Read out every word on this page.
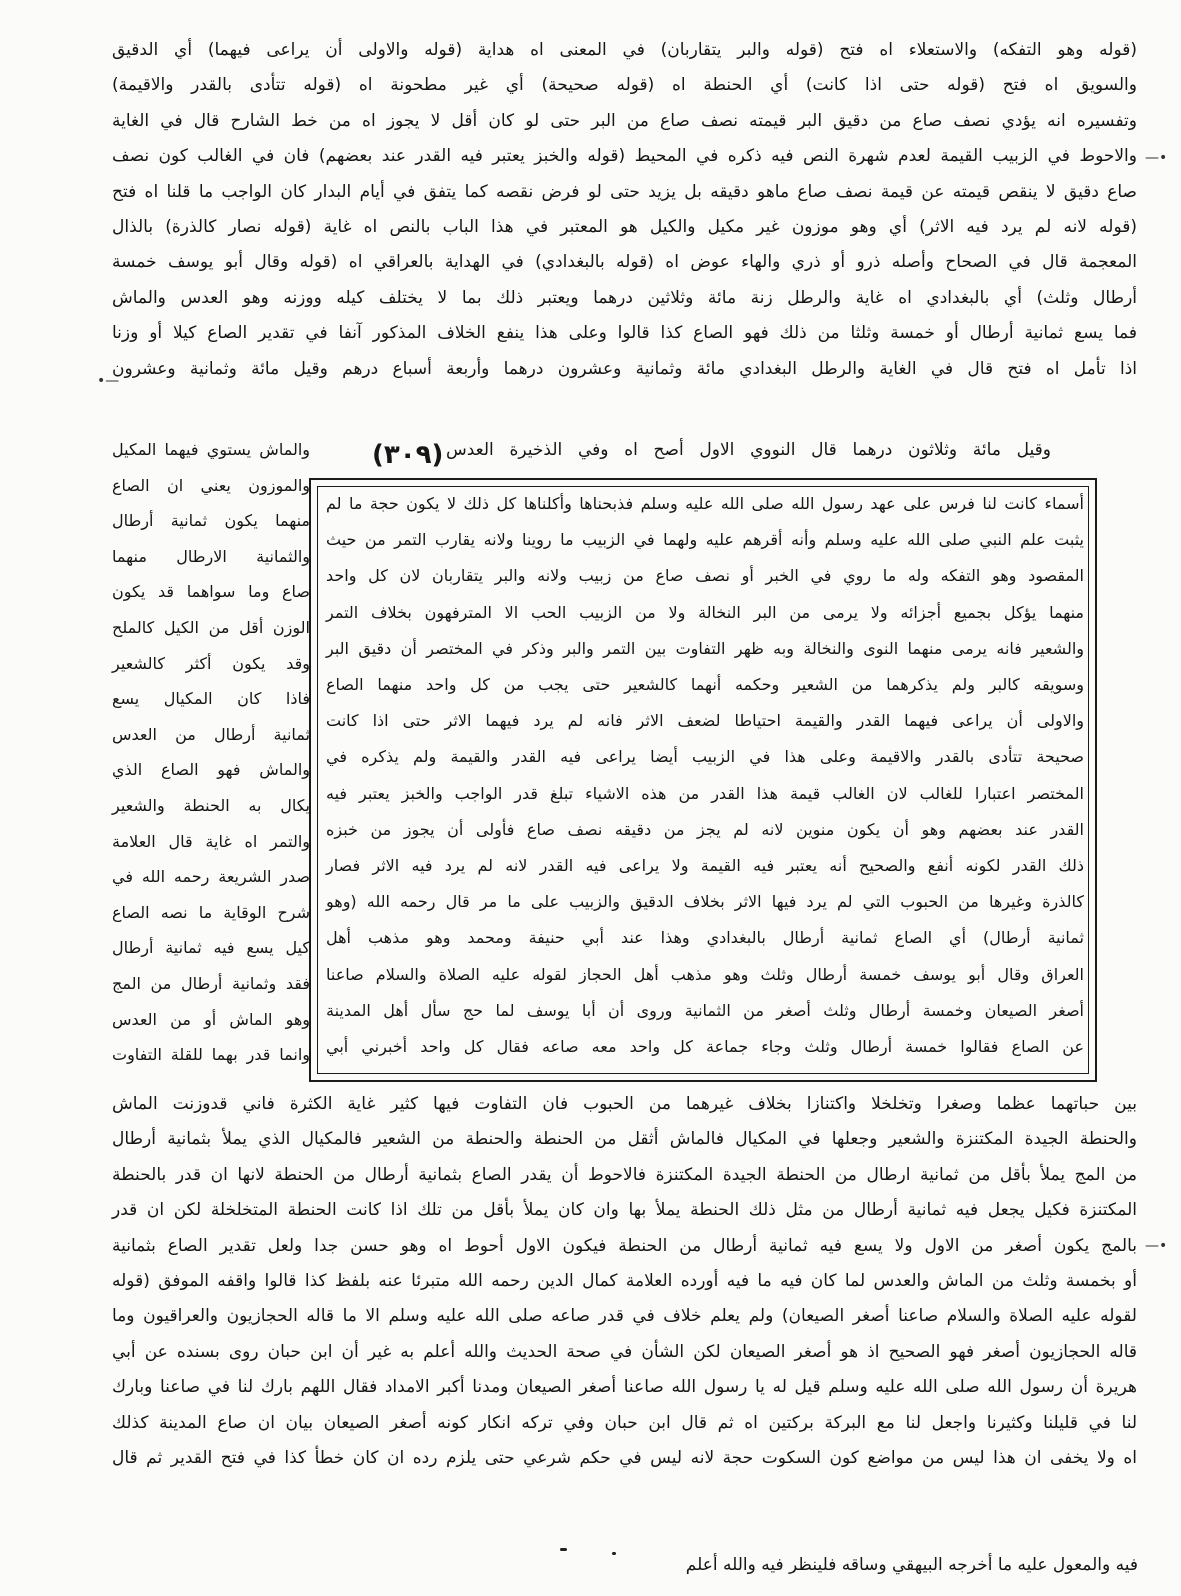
(قوله وهو التفكه) والاستعلاء اه فتح (قوله والبر يتقاربان) في المعنى اه هداية (قوله والاولى أن يراعى فيهما) أي الدقيق
والسويق اه فتح (قوله حتى اذا كانت) أي الحنطة اه (قوله صحيحة) أي غير مطحونة اه (قوله تتأدى بالقدر والاقيمة)
وتفسيره انه يؤدي نصف صاع من دقيق البر قيمته نصف صاع من البر حتى لو كان أقل لا يجوز اه من خط الشارح قال في الغاية
والاحوط في الزبيب القيمة لعدم شهرة النص فيه ذكره في المحيط (قوله والخبز يعتبر فيه القدر عند بعضهم) فان في الغالب كون نصف
صاع دقيق لا ينقص قيمته عن قيمة نصف صاع ماهو دقيقه بل يزيد حتى لو فرض نقصه كما يتفق في أيام البدار كان الواجب ما قلنا اه فتح
(قوله لانه لم يرد فيه الاثر) أي وهو موزون غير مكيل والكيل هو المعتبر في هذا الباب بالنص اه غاية (قوله نصار كالذرة) بالذال
المعجمة قال في الصحاح وأصله ذرو أو ذري والهاء عوض اه (قوله بالبغدادي) في الهداية بالعراقي اه (قوله وقال أبو يوسف خمسة
أرطال وثلث) أي بالبغدادي اه غاية والرطل زنة مائة وثلاثين درهما ويعتبر ذلك بما لا يختلف كيله ووزنه وهو العدس والماش
فما يسع ثمانية أرطال أو خمسة وثلثا من ذلك فهو الصاع كذا قالوا وعلى هذا ينفع الخلاف المذكور آنفا في تقدير الصاع كيلا أو وزنا
اذا تأمل اه فتح قال في الغاية والرطل البغدادي مائة وثمانية وعشرون درهما وأربعة أسباع درهم وقيل مائة وثمانية وعشرون
وقيل مائة وثلاثون درهما قال النووي الاول أصح اه وفي الذخيرة العدس
(٣٠٩)
أسماء كانت لنا فرس على عهد رسول الله صلى الله عليه وسلم فذبحناها وأكلناها كل ذلك لا يكون حجة ما لم
يثبت علم النبي صلى الله عليه وسلم وأنه أقرهم عليه ولهما في الزبيب ما روينا ولانه يقارب التمر من حيث
المقصود وهو التفكه وله ما روي في الخبر أو نصف صاع من زبيب ولانه والبر يتقاربان لان كل واحد
منهما يؤكل بجميع أجزائه ولا يرمى من البر النخالة ولا من الزبيب الحب الا المترفهون بخلاف التمر
والشعير فانه يرمى منهما النوى والنخالة وبه ظهر التفاوت بين التمر والبر وذكر في المختصر أن دقيق البر
وسويقه كالبر ولم يذكرهما من الشعير وحكمه أنهما كالشعير حتى يجب من كل واحد منهما الصاع
والاولى أن يراعى فيهما القدر والقيمة احتياطا لضعف الاثر فانه لم يرد فيهما الاثر حتى اذا كانت
صحيحة تتأدى بالقدر والاقيمة وعلى هذا في الزبيب أيضا يراعى فيه القدر والقيمة ولم يذكره في
المختصر اعتبارا للغالب لان الغالب قيمة هذا القدر من هذه الاشياء تبلغ قدر الواجب والخبز يعتبر فيه
القدر عند بعضهم وهو أن يكون منوين لانه لم يجز من دقيقه نصف صاع فأولى أن يجوز من خبزه
ذلك القدر لكونه أنفع والصحيح أنه يعتبر فيه القيمة ولا يراعى فيه القدر لانه لم يرد فيه الاثر فصار
كالذرة وغيرها من الحبوب التي لم يرد فيها الاثر بخلاف الدقيق والزبيب على ما مر قال رحمه الله (وهو
ثمانية أرطال) أي الصاع ثمانية أرطال بالبغدادي وهذا عند أبي حنيفة ومحمد وهو مذهب أهل
العراق وقال أبو يوسف خمسة أرطال وثلث وهو مذهب أهل الحجاز لقوله عليه الصلاة والسلام صاعنا
أصغر الصيعان وخمسة أرطال وثلث أصغر من الثمانية وروى أن أبا يوسف لما حج سأل أهل المدينة
عن الصاع فقالوا خمسة أرطال وثلث وجاء جماعة كل واحد معه صاعه فقال كل واحد أخبرني أبي
والماش يستوي فيهما المكيل
والموزون يعني ان الصاع
منهما يكون ثمانية أرطال
والثمانية الارطال منهما
صاع وما سواهما قد يكون
الوزن أقل من الكيل كالملح
وقد يكون أكثر كالشعير
فاذا كان المكيال يسع
ثمانية أرطال من العدس
والماش فهو الصاع الذي
يكال به الحنطة والشعير
والتمر اه غاية قال العلامة
صدر الشريعة رحمه الله في
شرح الوقاية ما نصه الصاع
كيل يسع فيه ثمانية أرطال
فقد وثمانية أرطال من المج
وهو الماش أو من العدس
وانما قدر بهما للقلة التفاوت
بين حباتهما عظما وصغرا وتخلخلا واكتنازا بخلاف غيرهما من الحبوب فان التفاوت فيها كثير غاية الكثرة فاني قدوزنت الماش
والحنطة الجيدة المكتنزة والشعير وجعلها في المكيال فالماش أثقل من الحنطة والحنطة من الشعير فالمكيال الذي يملأ بثمانية أرطال
من المج يملأ بأقل من ثمانية ارطال من الحنطة الجيدة المكتنزة فالاحوط أن يقدر الصاع بثمانية أرطال من الحنطة لانها ان قدر بالحنطة
المكتنزة فكيل يجعل فيه ثمانية أرطال من مثل ذلك الحنطة يملأ بها وان كان يملأ بأقل من تلك اذا كانت الحنطة المتخلخلة لكن ان قدر
بالمج يكون أصغر من الاول ولا يسع فيه ثمانية أرطال من الحنطة فيكون الاول أحوط اه وهو حسن جدا ولعل تقدير الصاع بثمانية
أو بخمسة وثلث من الماش والعدس لما كان فيه ما فيه أورده العلامة كمال الدين رحمه الله متبرئا عنه بلفظ كذا قالوا واقفه الموفق (قوله
لقوله عليه الصلاة والسلام صاعنا أصغر الصيعان) ولم يعلم خلاف في قدر صاعه صلى الله عليه وسلم الا ما قاله الحجازيون والعراقيون وما
قاله الحجازيون أصغر فهو الصحيح اذ هو أصغر الصيعان لكن الشأن في صحة الحديث والله أعلم به غير أن ابن حبان روى بسنده عن أبي
هريرة أن رسول الله صلى الله عليه وسلم قيل له يا رسول الله صاعنا أصغر الصيعان ومدنا أكبر الامداد فقال اللهم بارك لنا في صاعنا وبارك
لنا في قليلنا وكثيرنا واجعل لنا مع البركة بركتين اه ثم قال ابن حبان وفي تركه انكار كونه أصغر الصيعان بيان ان صاع المدينة كذلك
اه ولا يخفى ان هذا ليس من مواضع كون السكوت حجة لانه ليس في حكم شرعي حتى يلزم رده ان كان خطأ كذا في فتح القدير ثم قال
فيه والمعول عليه ما أخرجه البيهقي وساقه فلينظر فيه والله أعلم
—•
—•
•—
